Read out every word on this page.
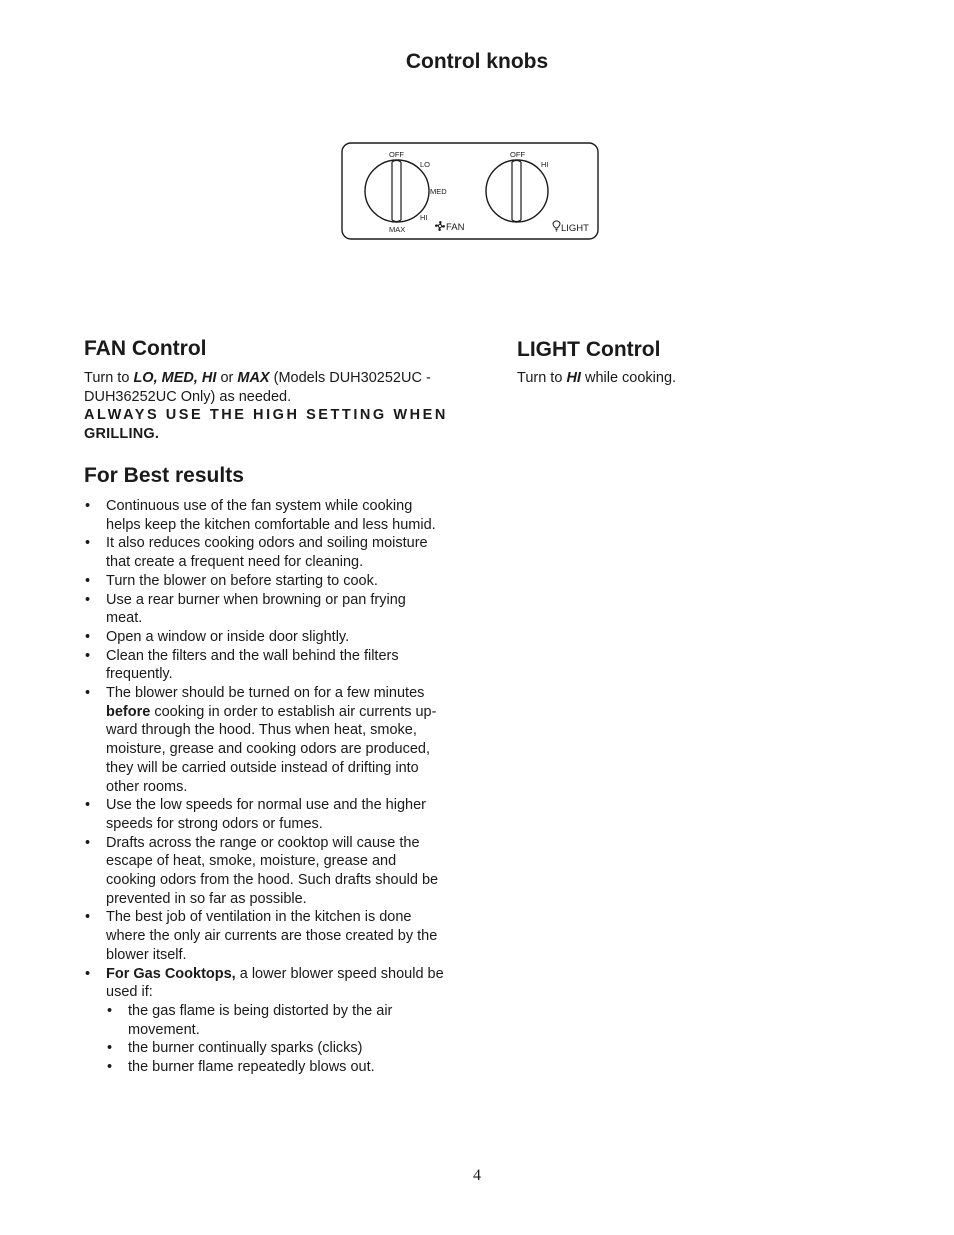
Control knobs
OFF
LO
MED
HI
MAX	FAN
OFF
HI
LIGHT
FAN Control
Turn to LO, MED, HI or MAX (Models DUH30252UC - DUH36252UC Only) as needed.
ALWAYS USE THE HIGH SETTING WHEN
GRILLING.
LIGHT Control
Turn to HI while cooking.
For Best results
• Continuous use of the fan system while cooking helps keep the kitchen comfortable and less humid.
• It also reduces cooking odors and soiling moisture that create a frequent need for cleaning.
• Turn the blower on before starting to cook.
• Use a rear burner when browning or pan frying meat.
• Open a window or inside door slightly.
• Clean the filters and the wall behind the filters frequently.
• The blower should be turned on for a few minutes before cooking in order to establish air currents up-ward through the hood. Thus when heat, smoke, moisture, grease and cooking odors are produced, they will be carried outside instead of drifting into other rooms.
• Use the low speeds for normal use and the higher speeds for strong odors or fumes.
• Drafts across the range or cooktop will cause the escape of heat, smoke, moisture, grease and cooking odors from the hood. Such drafts should be prevented in so far as possible.
• The best job of ventilation in the kitchen is done where the only air currents are those created by the blower itself.
• For Gas Cooktops, a lower blower speed should be used if:
• the gas flame is being distorted by the air movement.
• the burner continually sparks (clicks)
• the burner flame repeatedly blows out.
4
